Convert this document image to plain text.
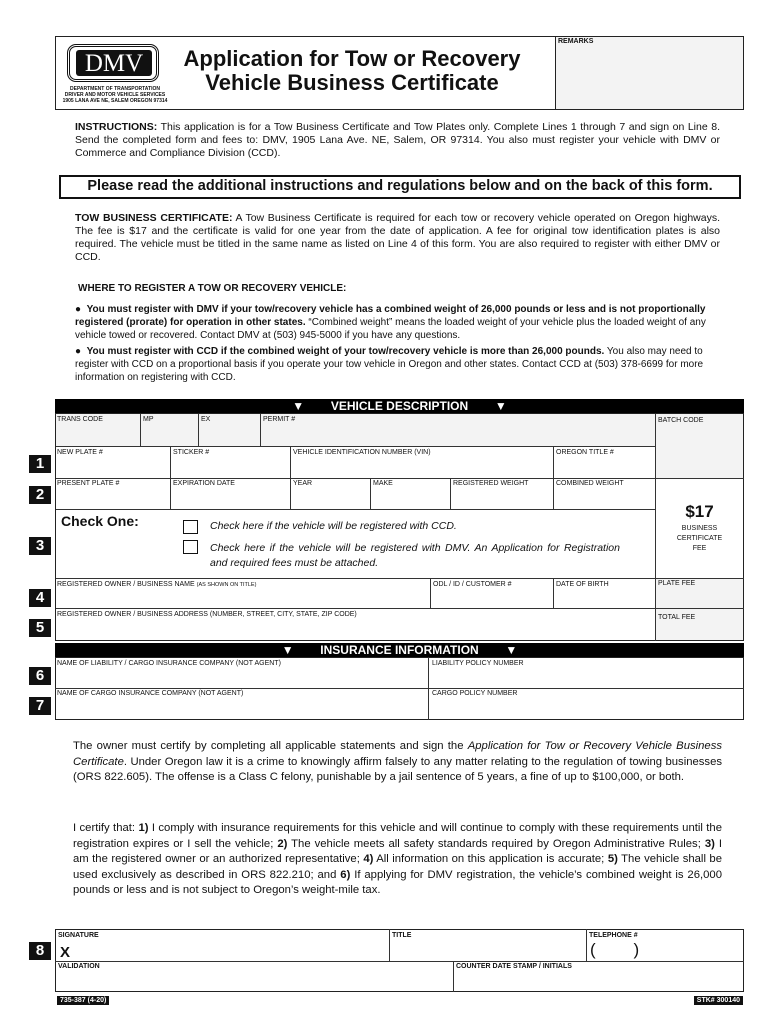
REMARKS
DMV
DEPARTMENT OF TRANSPORTATION
DRIVER AND MOTOR VEHICLE SERVICES
1905 LANA AVE NE, SALEM OREGON 97314
Application for Tow or Recovery
Vehicle Business Certificate
INSTRUCTIONS: This application is for a Tow Business Certificate and Tow Plates only. Complete Lines 1 through 7 and sign on Line 8. Send the completed form and fees to: DMV, 1905 Lana Ave. NE, Salem, OR 97314. You also must register your vehicle with DMV or Commerce and Compliance Division (CCD).
Please read the additional instructions and regulations below and on the back of this form.
TOW BUSINESS CERTIFICATE: A Tow Business Certificate is required for each tow or recovery vehicle operated on Oregon highways. The fee is $17 and the certificate is valid for one year from the date of application. A fee for original tow identification plates is also required. The vehicle must be titled in the same name as listed on Line 4 of this form. You are also required to register with either DMV or CCD.
WHERE TO REGISTER A TOW OR RECOVERY VEHICLE:
●  You must register with DMV if your tow/recovery vehicle has a combined weight of 26,000 pounds or less and is not proportionally registered (prorate) for operation in other states. “Combined weight” means the loaded weight of your vehicle plus the loaded weight of any vehicle towed or recovered. Contact DMV at (503) 945-5000 if you have any questions.
●  You must register with CCD if the combined weight of your tow/recovery vehicle is more than 26,000 pounds. You also may need to register with CCD on a proportional basis if you operate your tow vehicle in Oregon and other states. Contact CCD at (503) 378-6699 for more information on registering with CCD.
▼        VEHICLE DESCRIPTION        ▼
TRANS CODE	MP	EX	PERMIT #	BATCH CODE
NEW PLATE #	STICKER #	VEHICLE IDENTIFICATION NUMBER (VIN)	OREGON TITLE #
PRESENT PLATE #	EXPIRATION DATE	YEAR	MAKE	REGISTERED WEIGHT	COMBINED WEIGHT
$17
BUSINESS
CERTIFICATE
FEE
PLATE FEE
TOTAL FEE
Check One:	Check here if the vehicle will be registered with CCD.
Check here if the vehicle will be registered with DMV. An Application for Registration and required fees must be attached.
REGISTERED OWNER / BUSINESS NAME (AS SHOWN ON TITLE)	ODL / ID / CUSTOMER #	DATE OF BIRTH
REGISTERED OWNER / BUSINESS ADDRESS (NUMBER, STREET, CITY, STATE, ZIP CODE)
▼        INSURANCE INFORMATION        ▼
NAME OF LIABILITY / CARGO INSURANCE COMPANY (NOT AGENT)	LIABILITY POLICY NUMBER
NAME OF CARGO INSURANCE COMPANY (NOT AGENT)	CARGO POLICY NUMBER
The owner must certify by completing all applicable statements and sign the Application for Tow or Recovery Vehicle Business Certificate. Under Oregon law it is a crime to knowingly affirm falsely to any matter relating to the regulation of towing businesses (ORS 822.605). The offense is a Class C felony, punishable by a jail sentence of 5 years, a fine of up to $100,000, or both.
I certify that: 1) I comply with insurance requirements for this vehicle and will continue to comply with these requirements until the registration expires or I sell the vehicle; 2) The vehicle meets all safety standards required by Oregon Administrative Rules; 3) I am the registered owner or an authorized representative; 4) All information on this application is accurate; 5) The vehicle shall be used exclusively as described in ORS 822.210; and 6) If applying for DMV registration, the vehicle’s combined weight is 26,000 pounds or less and is not subject to Oregon’s weight-mile tax.
SIGNATURE
X
TITLE	TELEPHONE #
(        )
VALIDATION	COUNTER DATE STAMP / INITIALS
1
2
3
4
5
6
7
8
735-387 (4-20)	STK# 300140
